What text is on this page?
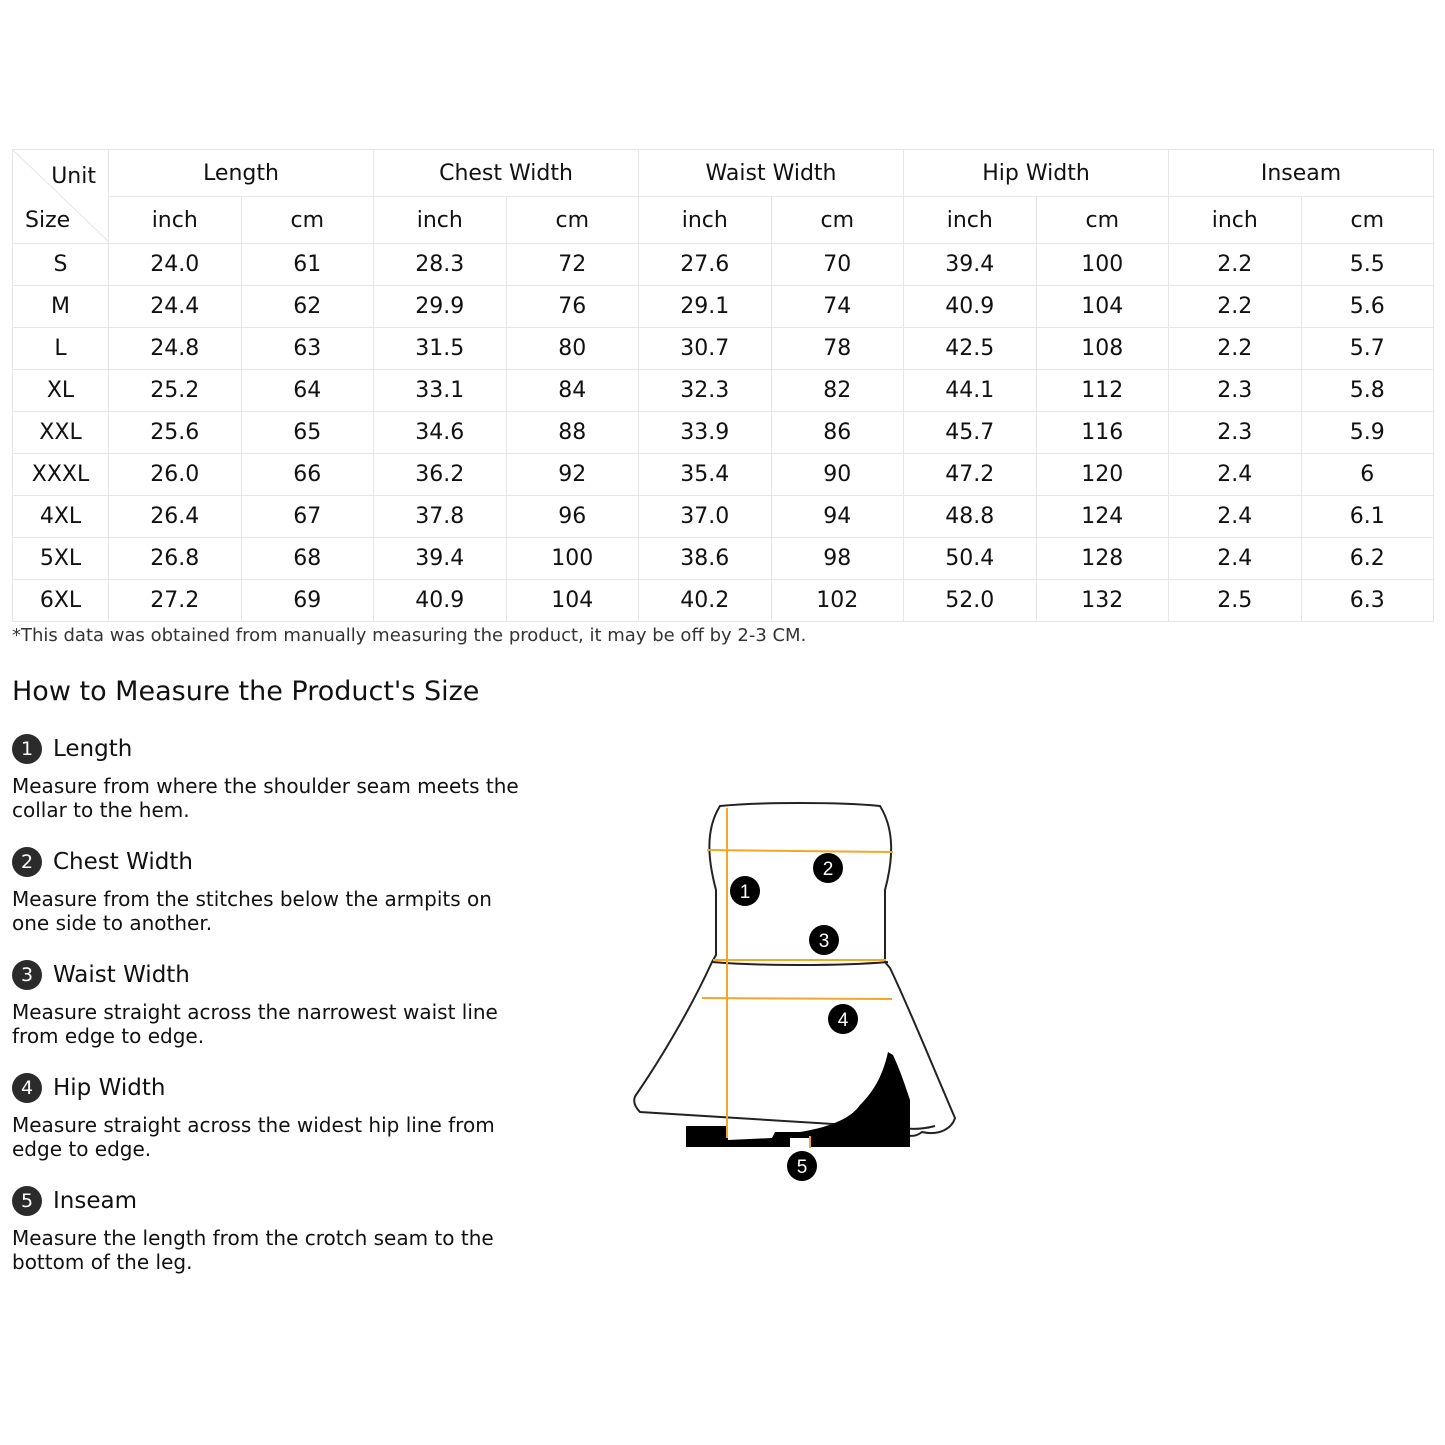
Unit
Size	Length		Chest Width		Waist Width		Hip Width		Inseam	
	inch	cm	inch	cm	inch	cm	inch	cm	inch	cm
S	24.0	61	28.3	72	27.6	70	39.4	100	2.2	5.5
M	24.4	62	29.9	76	29.1	74	40.9	104	2.2	5.6
L	24.8	63	31.5	80	30.7	78	42.5	108	2.2	5.7
XL	25.2	64	33.1	84	32.3	82	44.1	112	2.3	5.8
XXL	25.6	65	34.6	88	33.9	86	45.7	116	2.3	5.9
XXXL	26.0	66	36.2	92	35.4	90	47.2	120	2.4	6
4XL	26.4	67	37.8	96	37.0	94	48.8	124	2.4	6.1
5XL	26.8	68	39.4	100	38.6	98	50.4	128	2.4	6.2
6XL	27.2	69	40.9	104	40.2	102	52.0	132	2.5	6.3
*This data was obtained from manually measuring the product, it may be off by 2-3 CM.
How to Measure the Product's Size
1 Length
Measure from where the shoulder seam meets the collar to the hem.
2 Chest Width
Measure from the stitches below the armpits on one side to another.
3 Waist Width
Measure straight across the narrowest waist line from edge to edge.
4 Hip Width
Measure straight across the widest hip line from edge to edge.
5 Inseam
Measure the length from the crotch seam to the bottom of the leg.
1
2
3
4
5
